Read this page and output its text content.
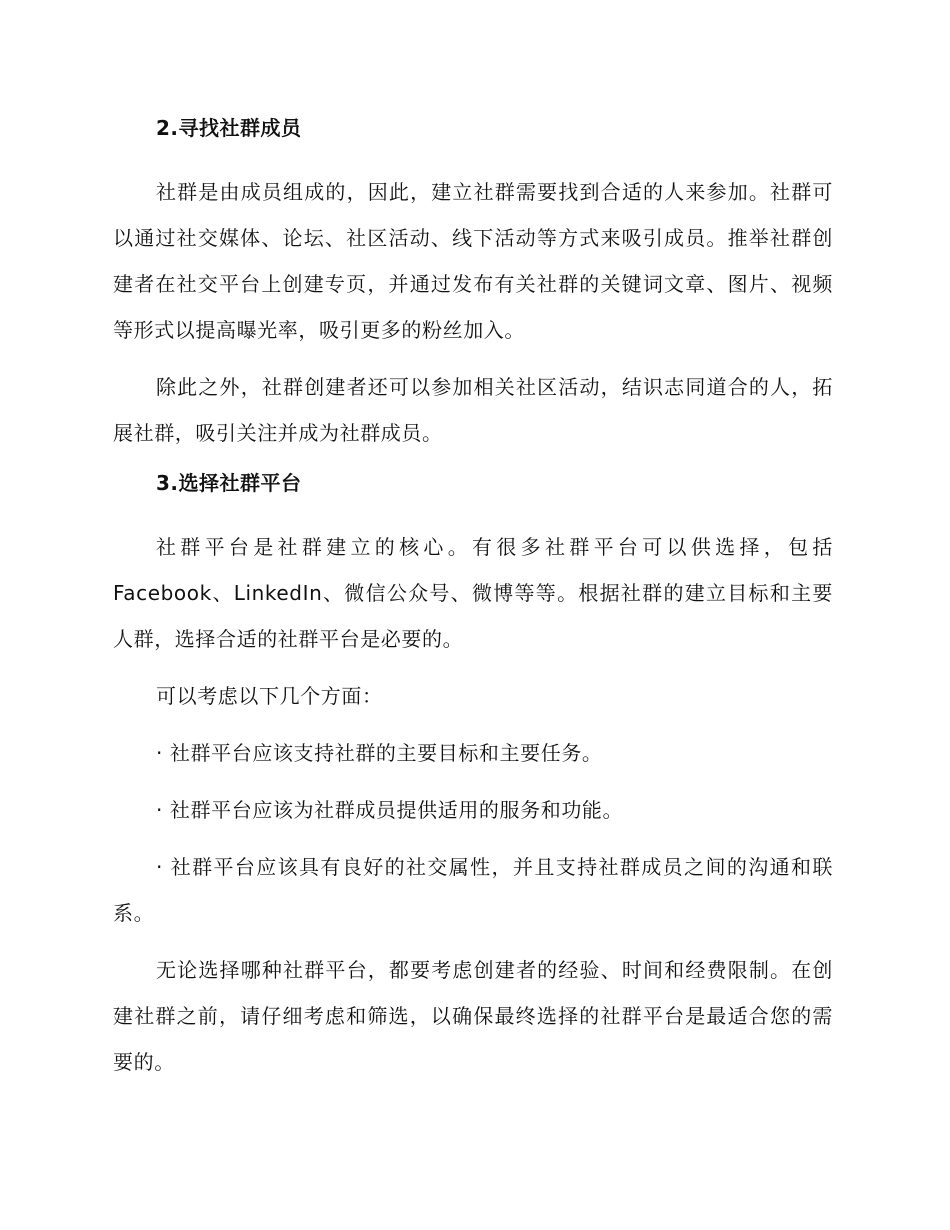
2.寻找社群成员

社群是由成员组成的，因此，建立社群需要找到合适的人来参加。社群可以通过社交媒体、论坛、社区活动、线下活动等方式来吸引成员。推举社群创建者在社交平台上创建专页，并通过发布有关社群的关键词文章、图片、视频等形式以提高曝光率，吸引更多的粉丝加入。

除此之外，社群创建者还可以参加相关社区活动，结识志同道合的人，拓展社群，吸引关注并成为社群成员。

3.选择社群平台

社群平台是社群建立的核心。有很多社群平台可以供选择，包括Facebook、LinkedIn、微信公众号、微博等等。根据社群的建立目标和主要人群，选择合适的社群平台是必要的。

可以考虑以下几个方面：

· 社群平台应该支持社群的主要目标和主要任务。

· 社群平台应该为社群成员提供适用的服务和功能。

· 社群平台应该具有良好的社交属性，并且支持社群成员之间的沟通和联系。

无论选择哪种社群平台，都要考虑创建者的经验、时间和经费限制。在创建社群之前，请仔细考虑和筛选，以确保最终选择的社群平台是最适合您的需要的。
